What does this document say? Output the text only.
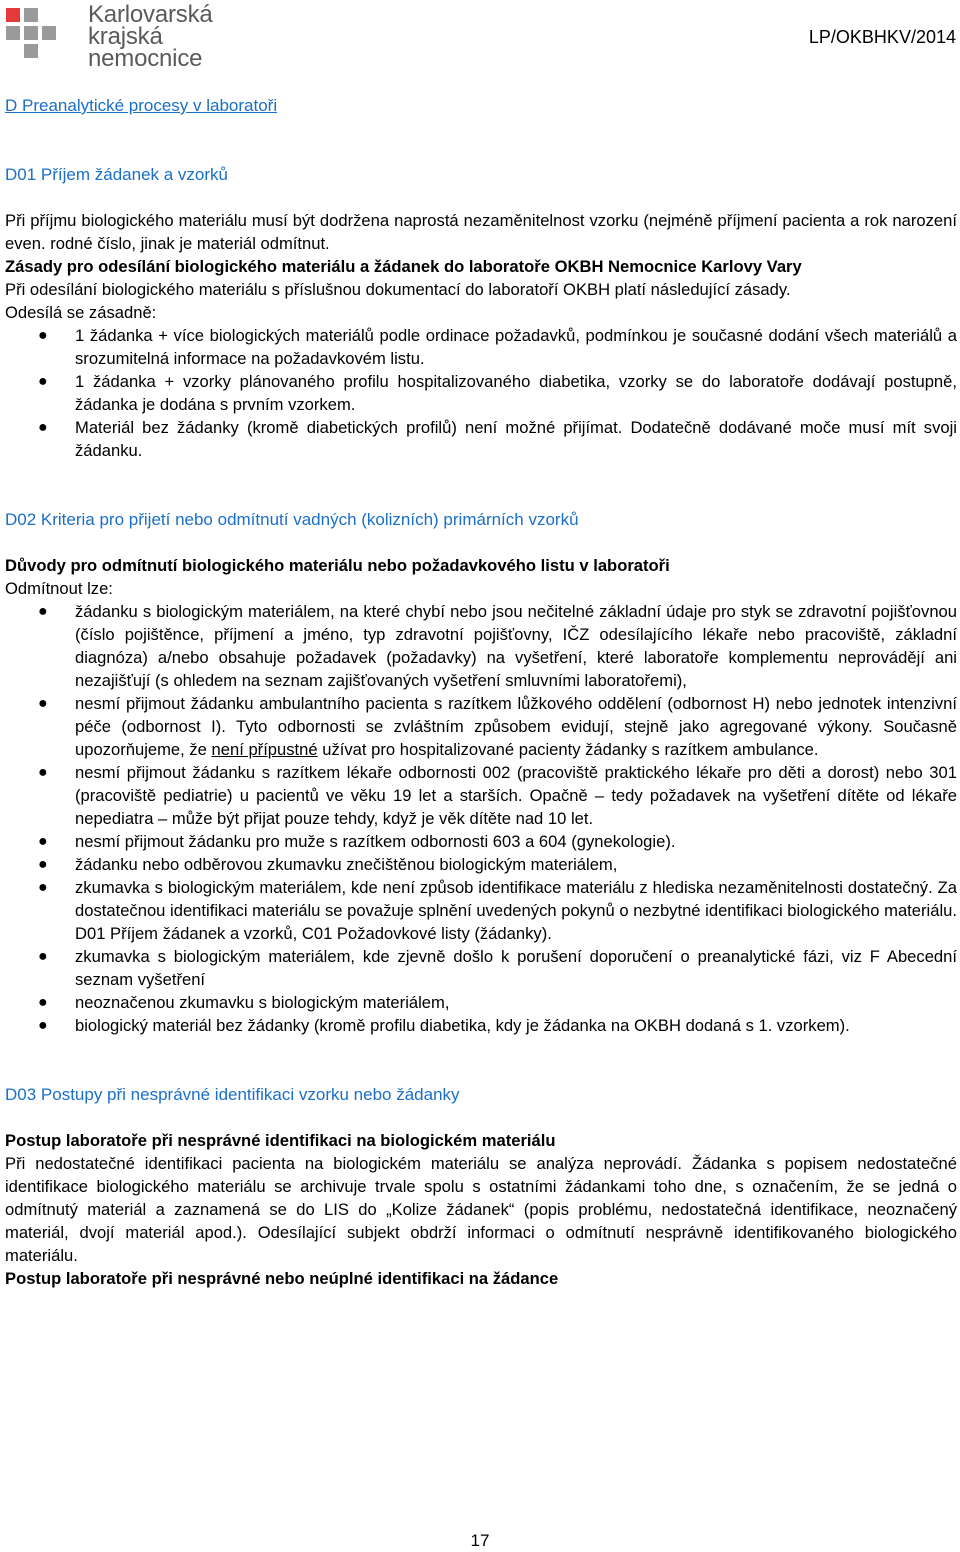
Karlovarská
krajská
nemocnice
LP/OKBHKV/2014
D Preanalytické procesy v laboratoři
D01 Příjem žádanek a vzorků

Při příjmu biologického materiálu musí být dodržena naprostá nezaměnitelnost vzorku (nejméně příjmení pacienta a rok narození even. rodné číslo, jinak je materiál odmítnut.

Zásady pro odesílání biologického materiálu a žádanek do laboratoře OKBH Nemocnice Karlovy Vary

Při odesílání biologického materiálu s příslušnou dokumentací do laboratoří OKBH platí následující zásady.

Odesílá se zásadně:

● 1 žádanka + více biologických materiálů podle ordinace požadavků, podmínkou je současné dodání všech materiálů a srozumitelná informace na požadavkovém listu.
● 1 žádanka + vzorky plánovaného profilu hospitalizovaného diabetika, vzorky se do laboratoře dodávají postupně, žádanka je dodána s prvním vzorkem.
● Materiál bez žádanky (kromě diabetických profilů) není možné přijímat. Dodatečně dodávané moče musí mít svoji žádanku.
D02 Kriteria pro přijetí nebo odmítnutí vadných (kolizních) primárních vzorků

Důvody pro odmítnutí biologického materiálu nebo požadavkového listu v laboratoři

Odmítnout lze:

● žádanku s biologickým materiálem, na které chybí nebo jsou nečitelné základní údaje pro styk se zdravotní pojišťovnou (číslo pojištěnce, příjmení a jméno, typ zdravotní pojišťovny, IČZ odesílajícího lékaře nebo pracoviště, základní diagnóza) a/nebo obsahuje požadavek (požadavky) na vyšetření, které laboratoře komplementu neprovádějí ani nezajišťují (s ohledem na seznam zajišťovaných vyšetření smluvními laboratořemi),
● nesmí přijmout žádanku ambulantního pacienta s razítkem lůžkového oddělení (odbornost H) nebo jednotek intenzivní péče (odbornost I). Tyto odbornosti se zvláštním způsobem evidují, stejně jako agregované výkony. Současně upozorňujeme, že není přípustné užívat pro hospitalizované pacienty žádanky s razítkem ambulance.
● nesmí přijmout žádanku s razítkem lékaře odbornosti 002 (pracoviště praktického lékaře pro děti a dorost) nebo 301 (pracoviště pediatrie) u pacientů ve věku 19 let a starších. Opačně – tedy požadavek na vyšetření dítěte od lékaře nepediatra – může být přijat pouze tehdy, když je věk dítěte nad 10 let.
● nesmí přijmout žádanku pro muže s razítkem odbornosti 603 a 604 (gynekologie).
● žádanku nebo odběrovou zkumavku znečištěnou biologickým materiálem,
● zkumavka s biologickým materiálem, kde není způsob identifikace materiálu z hlediska nezaměnitelnosti dostatečný. Za dostatečnou identifikaci materiálu se považuje splnění uvedených pokynů o nezbytné identifikaci biologického materiálu. D01 Příjem žádanek a vzorků, C01 Požadovkové listy (žádanky).
● zkumavka s biologickým materiálem, kde zjevně došlo k porušení doporučení o preanalytické fázi, viz F Abecední seznam vyšetření
● neoznačenou zkumavku s biologickým materiálem,
● biologický materiál bez žádanky (kromě profilu diabetika, kdy je žádanka na OKBH dodaná s 1. vzorkem).
D03 Postupy při nesprávné identifikaci vzorku nebo žádanky

Postup laboratoře při nesprávné identifikaci na biologickém materiálu

Při nedostatečné identifikaci pacienta na biologickém materiálu se analýza neprovádí. Žádanka s popisem nedostatečné identifikace biologického materiálu se archivuje trvale spolu s ostatními žádankami toho dne, s označením, že se jedná o odmítnutý materiál a zaznamená se do LIS do „Kolize žádanek“ (popis problému, nedostatečná identifikace, neoznačený materiál, dvojí materiál apod.). Odesílající subjekt obdrží informaci o odmítnutí nesprávně identifikovaného biologického materiálu.

Postup laboratoře při nesprávné nebo neúplné identifikaci na žádance

17
